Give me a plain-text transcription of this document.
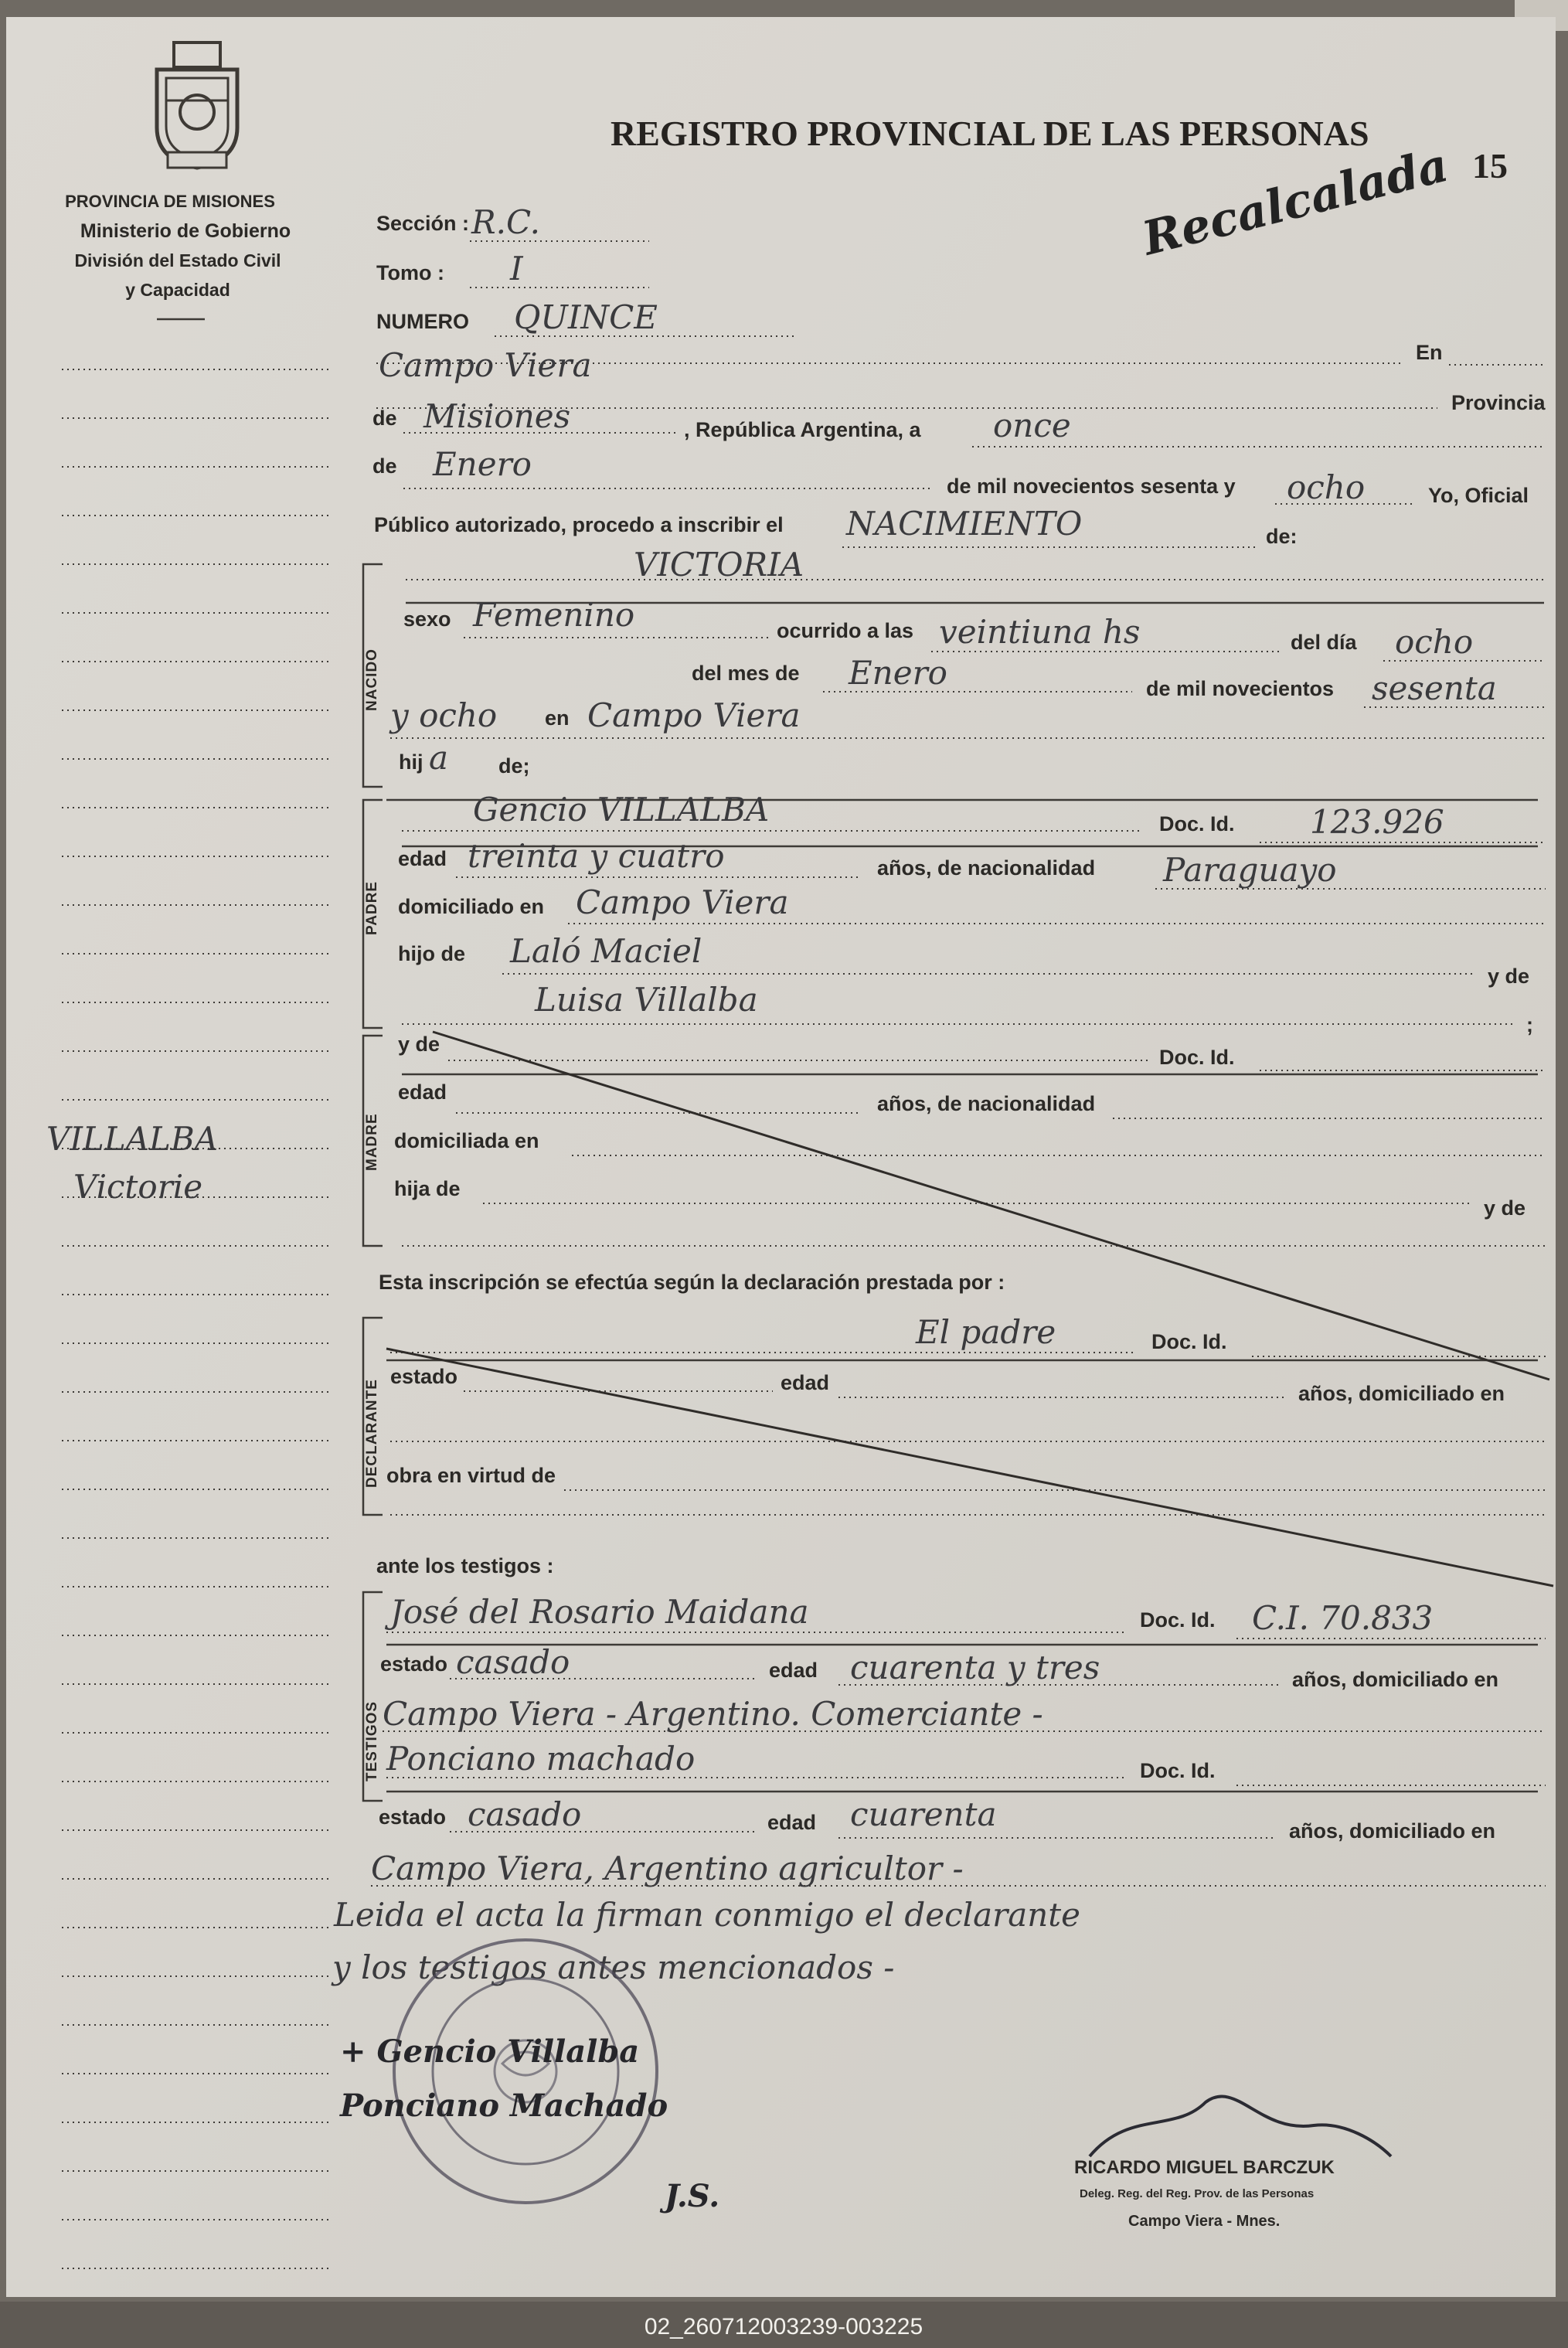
02_260712003239-003225
PROVINCIA DE MISIONES
Ministerio de Gobierno
División del Estado Civil
y Capacidad
REGISTRO PROVINCIAL DE LAS PERSONAS
15
Recalcalada
VILLALBA
Victorie
Sección : R.C.
Tomo : I
NUMERO QUINCE
Campo Viera	En
Provincia
de Misiones	, República Argentina, a once
de Enero
de mil novecientos sesenta y ocho	Yo, Oficial
Público autorizado, procedo a inscribir el NACIMIENTO	de:
NACIDO
VICTORIA
sexo Femenino	ocurrido a las veintiuna hs	del día ocho
del mes de Enero	de mil novecientos sesenta
y ocho en Campo Viera
hij a de;
PADRE
Gencio VILLALBA	Doc. Id. 123.926
edad treinta y cuatro	años, de nacionalidad Paraguayo
domiciliado en Campo Viera
hijo de Laló Maciel
y de
Luisa Villalba
;
MADRE
y de
Doc. Id.
edad	años, de nacionalidad
domiciliada en
hija de
y de
Esta inscripción se efectúa según la declaración prestada por :
DECLARANTE
El padre	Doc. Id.
estado	edad	años, domiciliado en
obra en virtud de
ante los testigos :
TESTIGOS
José del Rosario Maidana	Doc. Id. C.I. 70.833
estado casado	edad cuarenta y tres	años, domiciliado en
Campo Viera - Argentino. Comerciante -
Ponciano machado	Doc. Id.
estado casado	edad cuarenta	años, domiciliado en
Campo Viera, Argentino agricultor -
Leida el acta la firman conmigo el declarante
y los testigos antes mencionados -
+ Gencio Villalba
Ponciano Machado
J.S.
RICARDO MIGUEL BARCZUK
Deleg. Reg. del Reg. Prov. de las Personas
Campo Viera - Mnes.
